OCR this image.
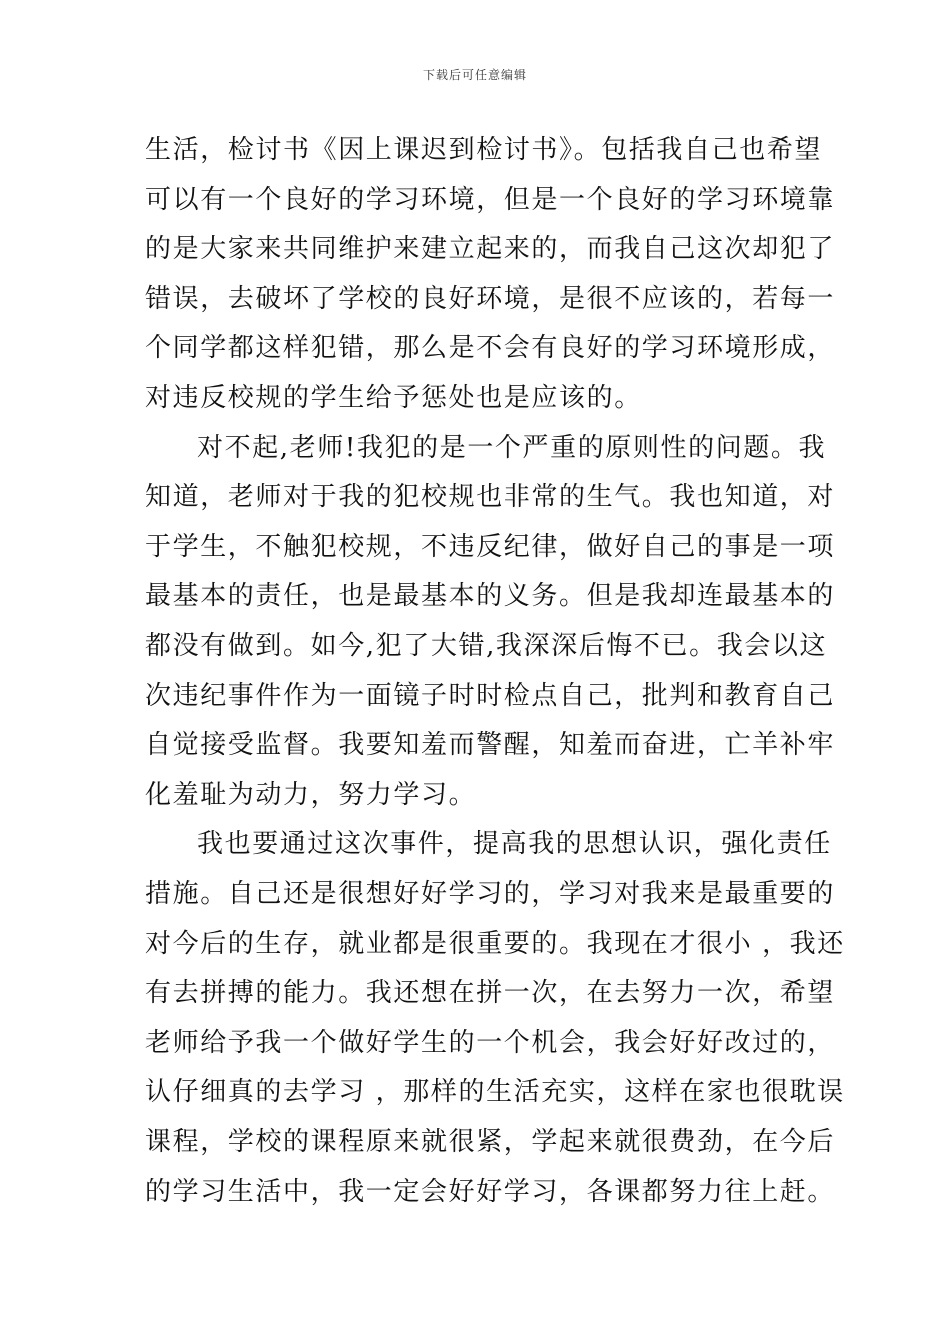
下载后可任意编辑
生活，检讨书《因上课迟到检讨书》。包括我自己也希望
可以有一个良好的学习环境，但是一个良好的学习环境靠
的是大家来共同维护来建立起来的，而我自己这次却犯了
错误，去破坏了学校的良好环境，是很不应该的，若每一
个同学都这样犯错，那么是不会有良好的学习环境形成，
对违反校规的学生给予惩处也是应该的。
对不起,老师!我犯的是一个严重的原则性的问题。我
知道，老师对于我的犯校规也非常的生气。我也知道，对
于学生，不触犯校规，不违反纪律，做好自己的事是一项
最基本的责任，也是最基本的义务。但是我却连最基本的
都没有做到。如今,犯了大错,我深深后悔不已。我会以这
次违纪事件作为一面镜子时时检点自己，批判和教育自己
自觉接受监督。我要知羞而警醒，知羞而奋进，亡羊补牢
化羞耻为动力，努力学习。
我也要通过这次事件，提高我的思想认识，强化责任
措施。自己还是很想好好学习的，学习对我来是最重要的
对今后的生存，就业都是很重要的。我现在才很小 ，我还
有去拼搏的能力。我还想在拼一次，在去努力一次，希望
老师给予我一个做好学生的一个机会，我会好好改过的，
认仔细真的去学习 ，那样的生活充实，这样在家也很耽误
课程，学校的课程原来就很紧，学起来就很费劲，在今后
的学习生活中，我一定会好好学习，各课都努力往上赶。
